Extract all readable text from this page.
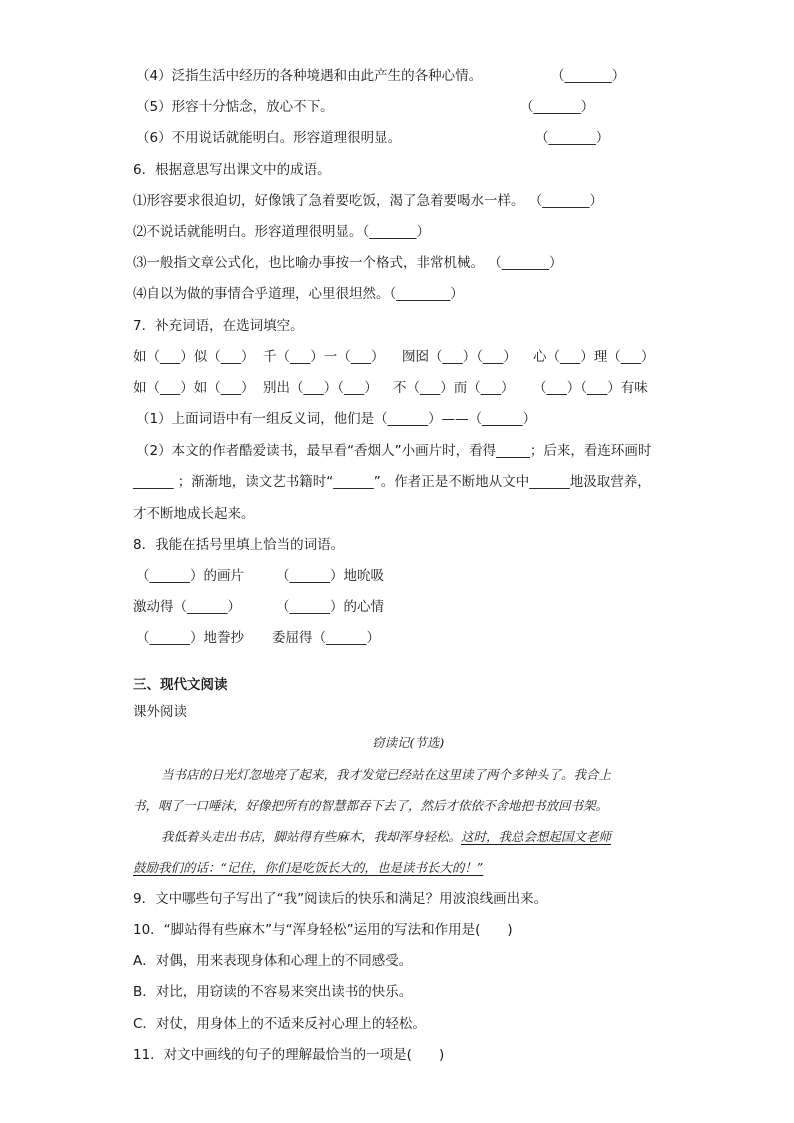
（4）泛指生活中经历的各种境遇和由此产生的各种心情。	（_______）
（5）形容十分惦念，放心不下。	（_______）
（6）不用说话就能明白。形容道理很明显。	（_______）
6．根据意思写出课文中的成语。
⑴形容要求很迫切，好像饿了急着要吃饭，渴了急着要喝水一样。 （_______）
⑵不说话就能明白。形容道理很明显。（_______）
⑶一般指文章公式化，也比喻办事按一个格式，非常机械。 （_______）
⑷自以为做的事情合乎道理，心里很坦然。（________）
7．补充词语，在选词填空。
如（___）似（___） 千（___）一（___） 囫囵（___）（___） 心（___）理（___）
如（___）如（___） 别出（___）（___） 不（___）而（___） （___）（___）有味
（1）上面词语中有一组反义词，他们是（______）——（______）
（2）本文的作者酷爱读书，最早看“香烟人”小画片时，看得_____；后来，看连环画时
______ ；渐渐地，读文艺书籍时“______”。作者正是不断地从文中______地汲取营养，
才不断地成长起来。
8．我能在括号里填上恰当的词语。
（______）的画片 （______）地吮吸
激动得（______）	（______）的心情
（______）地誊抄 委屈得（______）
三、现代文阅读
课外阅读
窃读记(节选)
当书店的日光灯忽地亮了起来，我才发觉已经站在这里读了两个多钟头了。我合上
书，咽了一口唾沫，好像把所有的智慧都吞下去了，然后才依依不舍地把书放回书架。
我低着头走出书店，脚站得有些麻木，我却浑身轻松。这时，我总会想起国文老师
鼓励我们的话：“记住，你们是吃饭长大的，也是读书长大的！”
9．文中哪些句子写出了“我”阅读后的快乐和满足？用波浪线画出来。
10．“脚站得有些麻木”与“浑身轻松”运用的写法和作用是(　　)
A．对偶，用来表现身体和心理上的不同感受。
B．对比，用窃读的不容易来突出读书的快乐。
C．对仗，用身体上的不适来反衬心理上的轻松。
11．对文中画线的句子的理解最恰当的一项是(　　)
